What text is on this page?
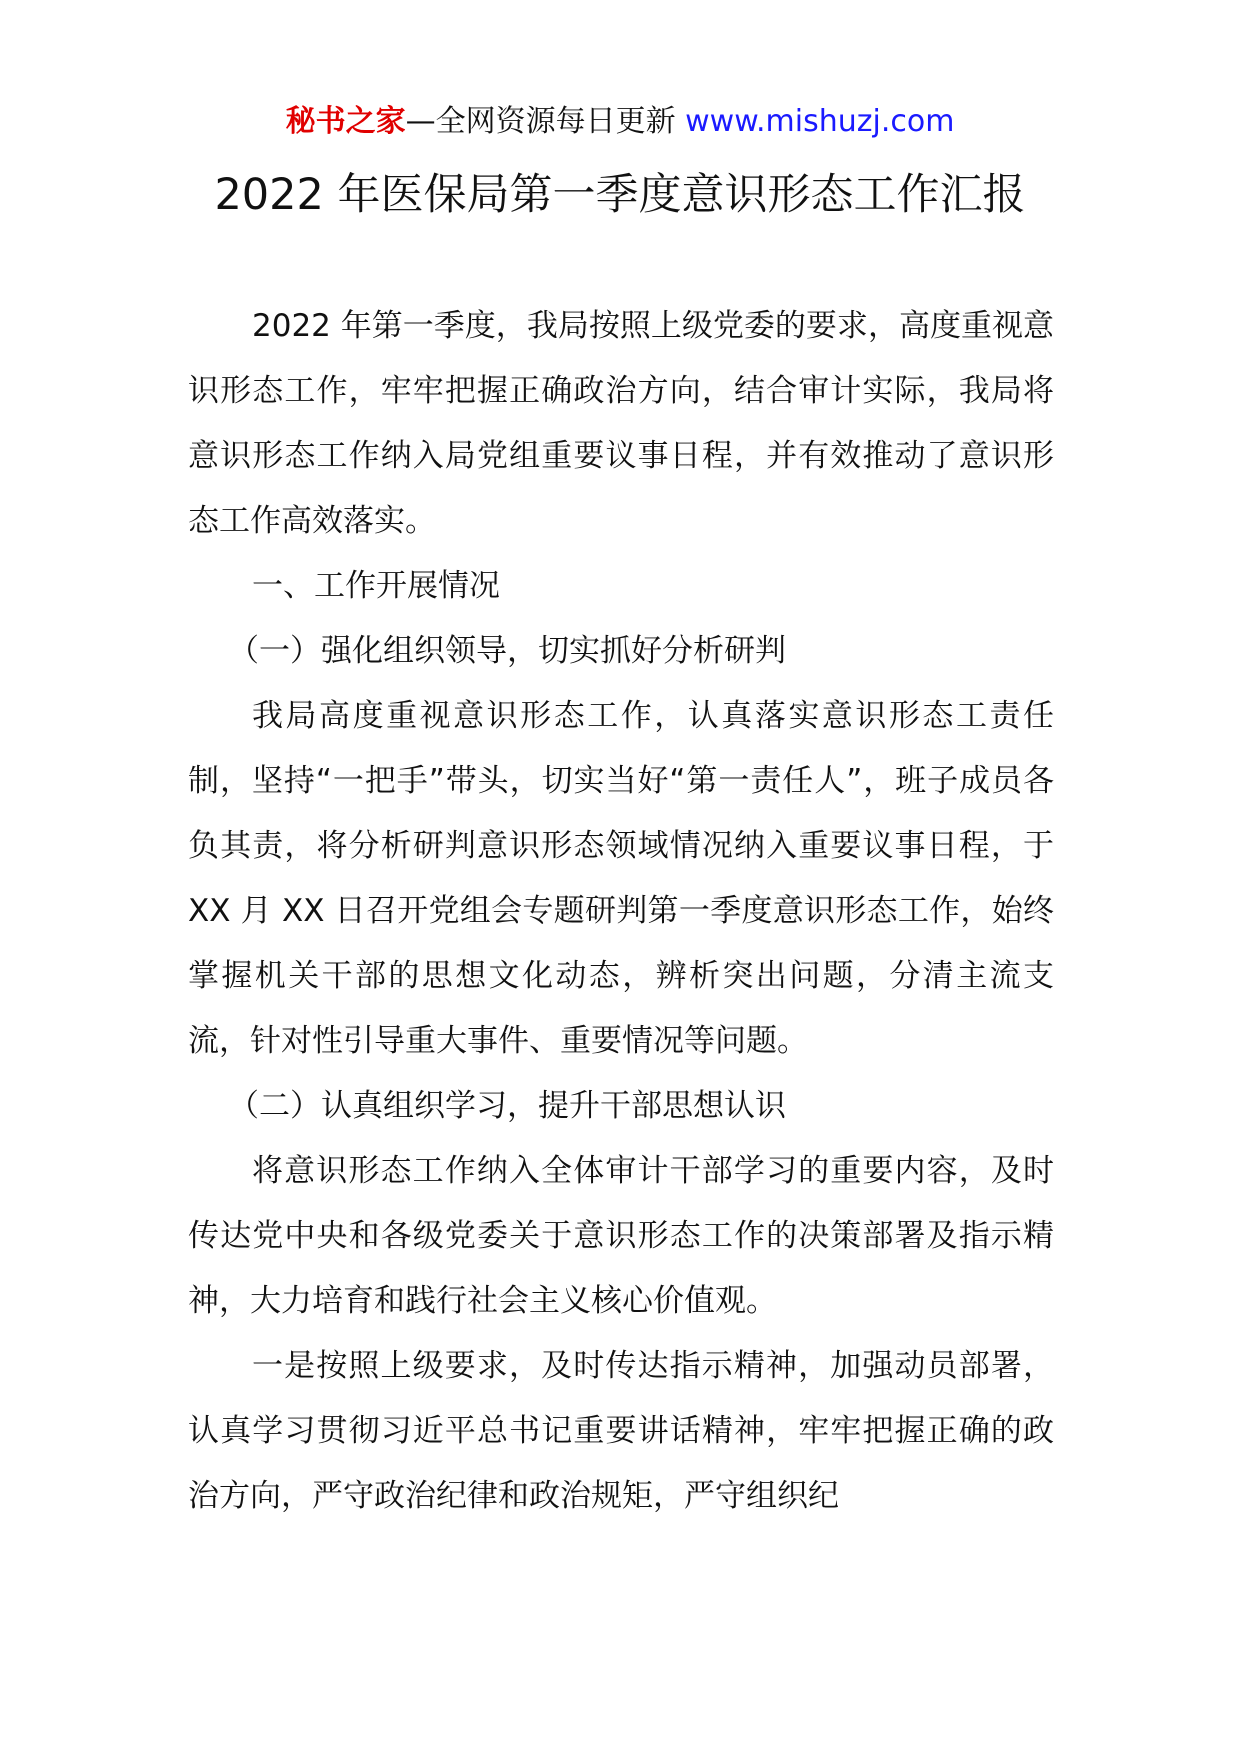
秘书之家—全网资源每日更新 www.mishuzj.com
2022 年医保局第一季度意识形态工作汇报

2022 年第一季度，我局按照上级党委的要求，高度重视意识形态工作，牢牢把握正确政治方向，结合审计实际，我局将意识形态工作纳入局党组重要议事日程，并有效推动了意识形态工作高效落实。

一、工作开展情况

（一）强化组织领导，切实抓好分析研判

我局高度重视意识形态工作，认真落实意识形态工责任制，坚持“一把手”带头，切实当好“第一责任人”，班子成员各负其责，将分析研判意识形态领域情况纳入重要议事日程，于 XX 月 XX 日召开党组会专题研判第一季度意识形态工作，始终掌握机关干部的思想文化动态，辨析突出问题，分清主流支流，针对性引导重大事件、重要情况等问题。

（二）认真组织学习，提升干部思想认识

将意识形态工作纳入全体审计干部学习的重要内容，及时传达党中央和各级党委关于意识形态工作的决策部署及指示精神，大力培育和践行社会主义核心价值观。

一是按照上级要求，及时传达指示精神，加强动员部署，认真学习贯彻习近平总书记重要讲话精神，牢牢把握正确的政治方向，严守政治纪律和政治规矩，严守组织纪
